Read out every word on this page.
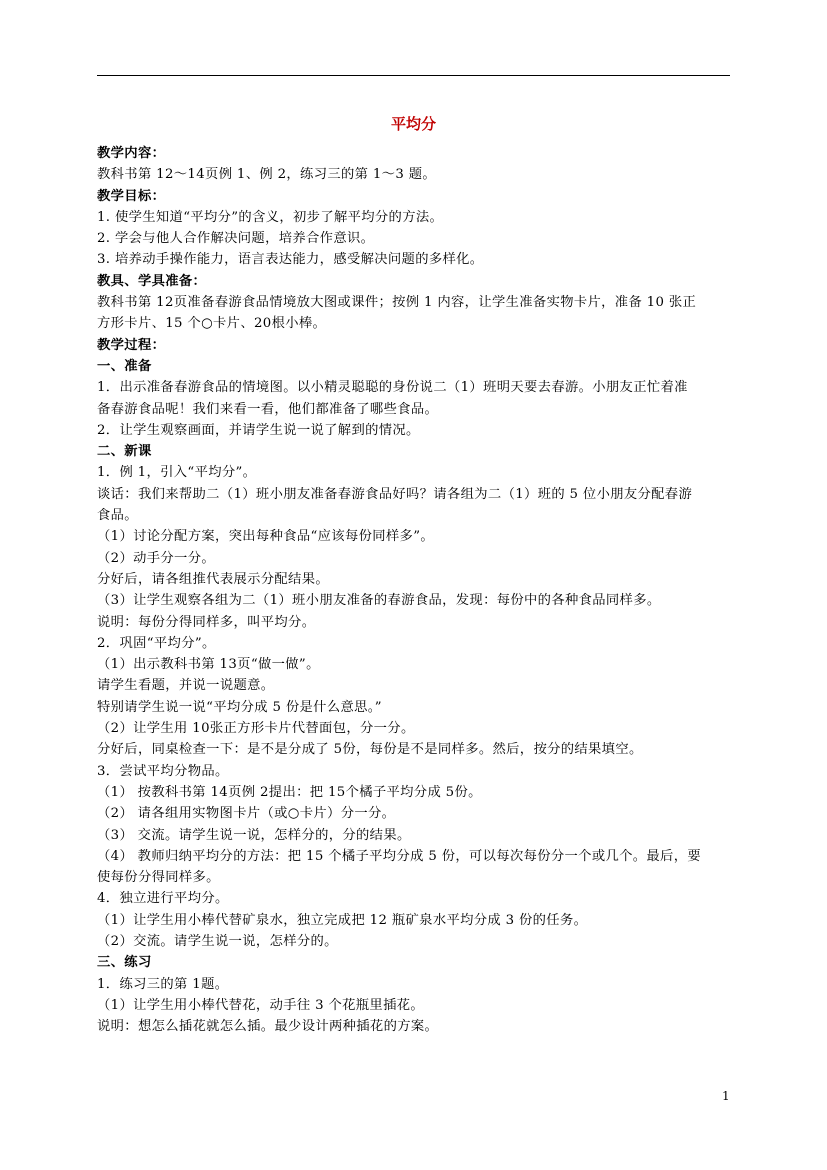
平均分
教学内容：
教科书第 12～14页例 1、例 2，练习三的第 1～3 题。
教学目标：
1. 使学生知道“平均分”的含义，初步了解平均分的方法。
2. 学会与他人合作解决问题，培养合作意识。
3. 培养动手操作能力，语言表达能力，感受解决问题的多样化。
教具、学具准备：
教科书第 12页准备春游食品情境放大图或课件；按例 1 内容，让学生准备实物卡片，准备 10 张正
方形卡片、15 个○卡片、20根小棒。
教学过程：
一、准备
1．出示准备春游食品的情境图。以小精灵聪聪的身份说二（1）班明天要去春游。小朋友正忙着准
备春游食品呢！我们来看一看，他们都准备了哪些食品。
2．让学生观察画面，并请学生说一说了解到的情况。
二、新课
1．例 1，引入“平均分”。
谈话：我们来帮助二（1）班小朋友准备春游食品好吗？请各组为二（1）班的 5 位小朋友分配春游
食品。
（1）讨论分配方案，突出每种食品“应该每份同样多”。
（2）动手分一分。
分好后，请各组推代表展示分配结果。
（3）让学生观察各组为二（1）班小朋友准备的春游食品，发现：每份中的各种食品同样多。
说明：每份分得同样多，叫平均分。
2．巩固“平均分”。
（1）出示教科书第 13页“做一做”。
请学生看题，并说一说题意。
特别请学生说一说“平均分成 5 份是什么意思。”
（2）让学生用 10张正方形卡片代替面包，分一分。
分好后，同桌检查一下：是不是分成了 5份，每份是不是同样多。然后，按分的结果填空。
3．尝试平均分物品。
（1） 按教科书第 14页例 2提出：把 15个橘子平均分成 5份。
（2） 请各组用实物图卡片（或○卡片）分一分。
（3） 交流。请学生说一说，怎样分的，分的结果。
（4） 教师归纳平均分的方法：把 15 个橘子平均分成 5 份，可以每次每份分一个或几个。最后，要
使每份分得同样多。
4．独立进行平均分。
（1）让学生用小棒代替矿泉水，独立完成把 12 瓶矿泉水平均分成 3 份的任务。
（2）交流。请学生说一说，怎样分的。
三、练习
1．练习三的第 1题。
（1）让学生用小棒代替花，动手往 3 个花瓶里插花。
说明：想怎么插花就怎么插。最少设计两种插花的方案。
1
